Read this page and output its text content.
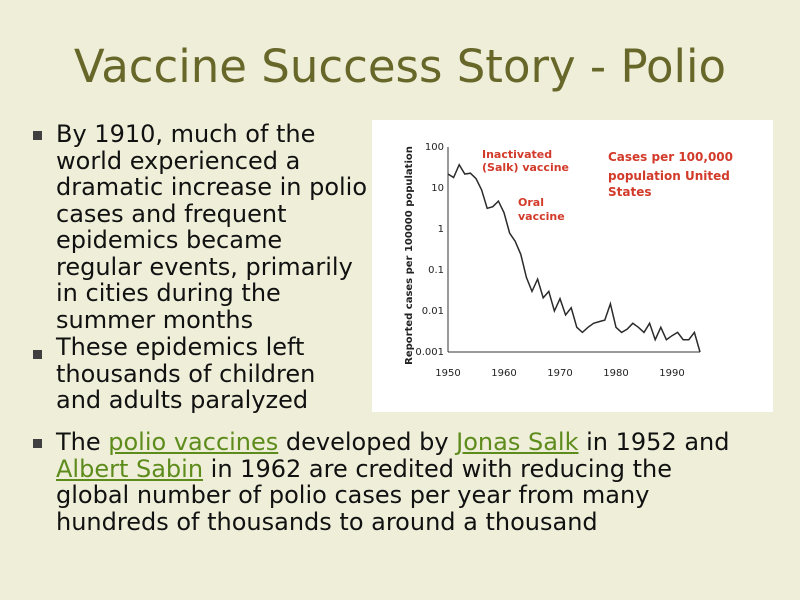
Vaccine Success Story - Polio
By 1910, much of the
world experienced a
dramatic increase in polio
cases and frequent
epidemics became
regular events, primarily
in cities during the
summer months
These epidemics left
thousands of children
and adults paralyzed
The polio vaccines developed by Jonas Salk in 1952 and
Albert Sabin in 1962 are credited with reducing the
global number of polio cases per year from many
hundreds of thousands to around a thousand
Reported cases per 100000 population 100
10
1
0.1
0.01
0.001
1950	1960	1970	1980	1990
Inactivated (Salk) vaccine
Oral vaccine
Cases per 100,000 population United States
